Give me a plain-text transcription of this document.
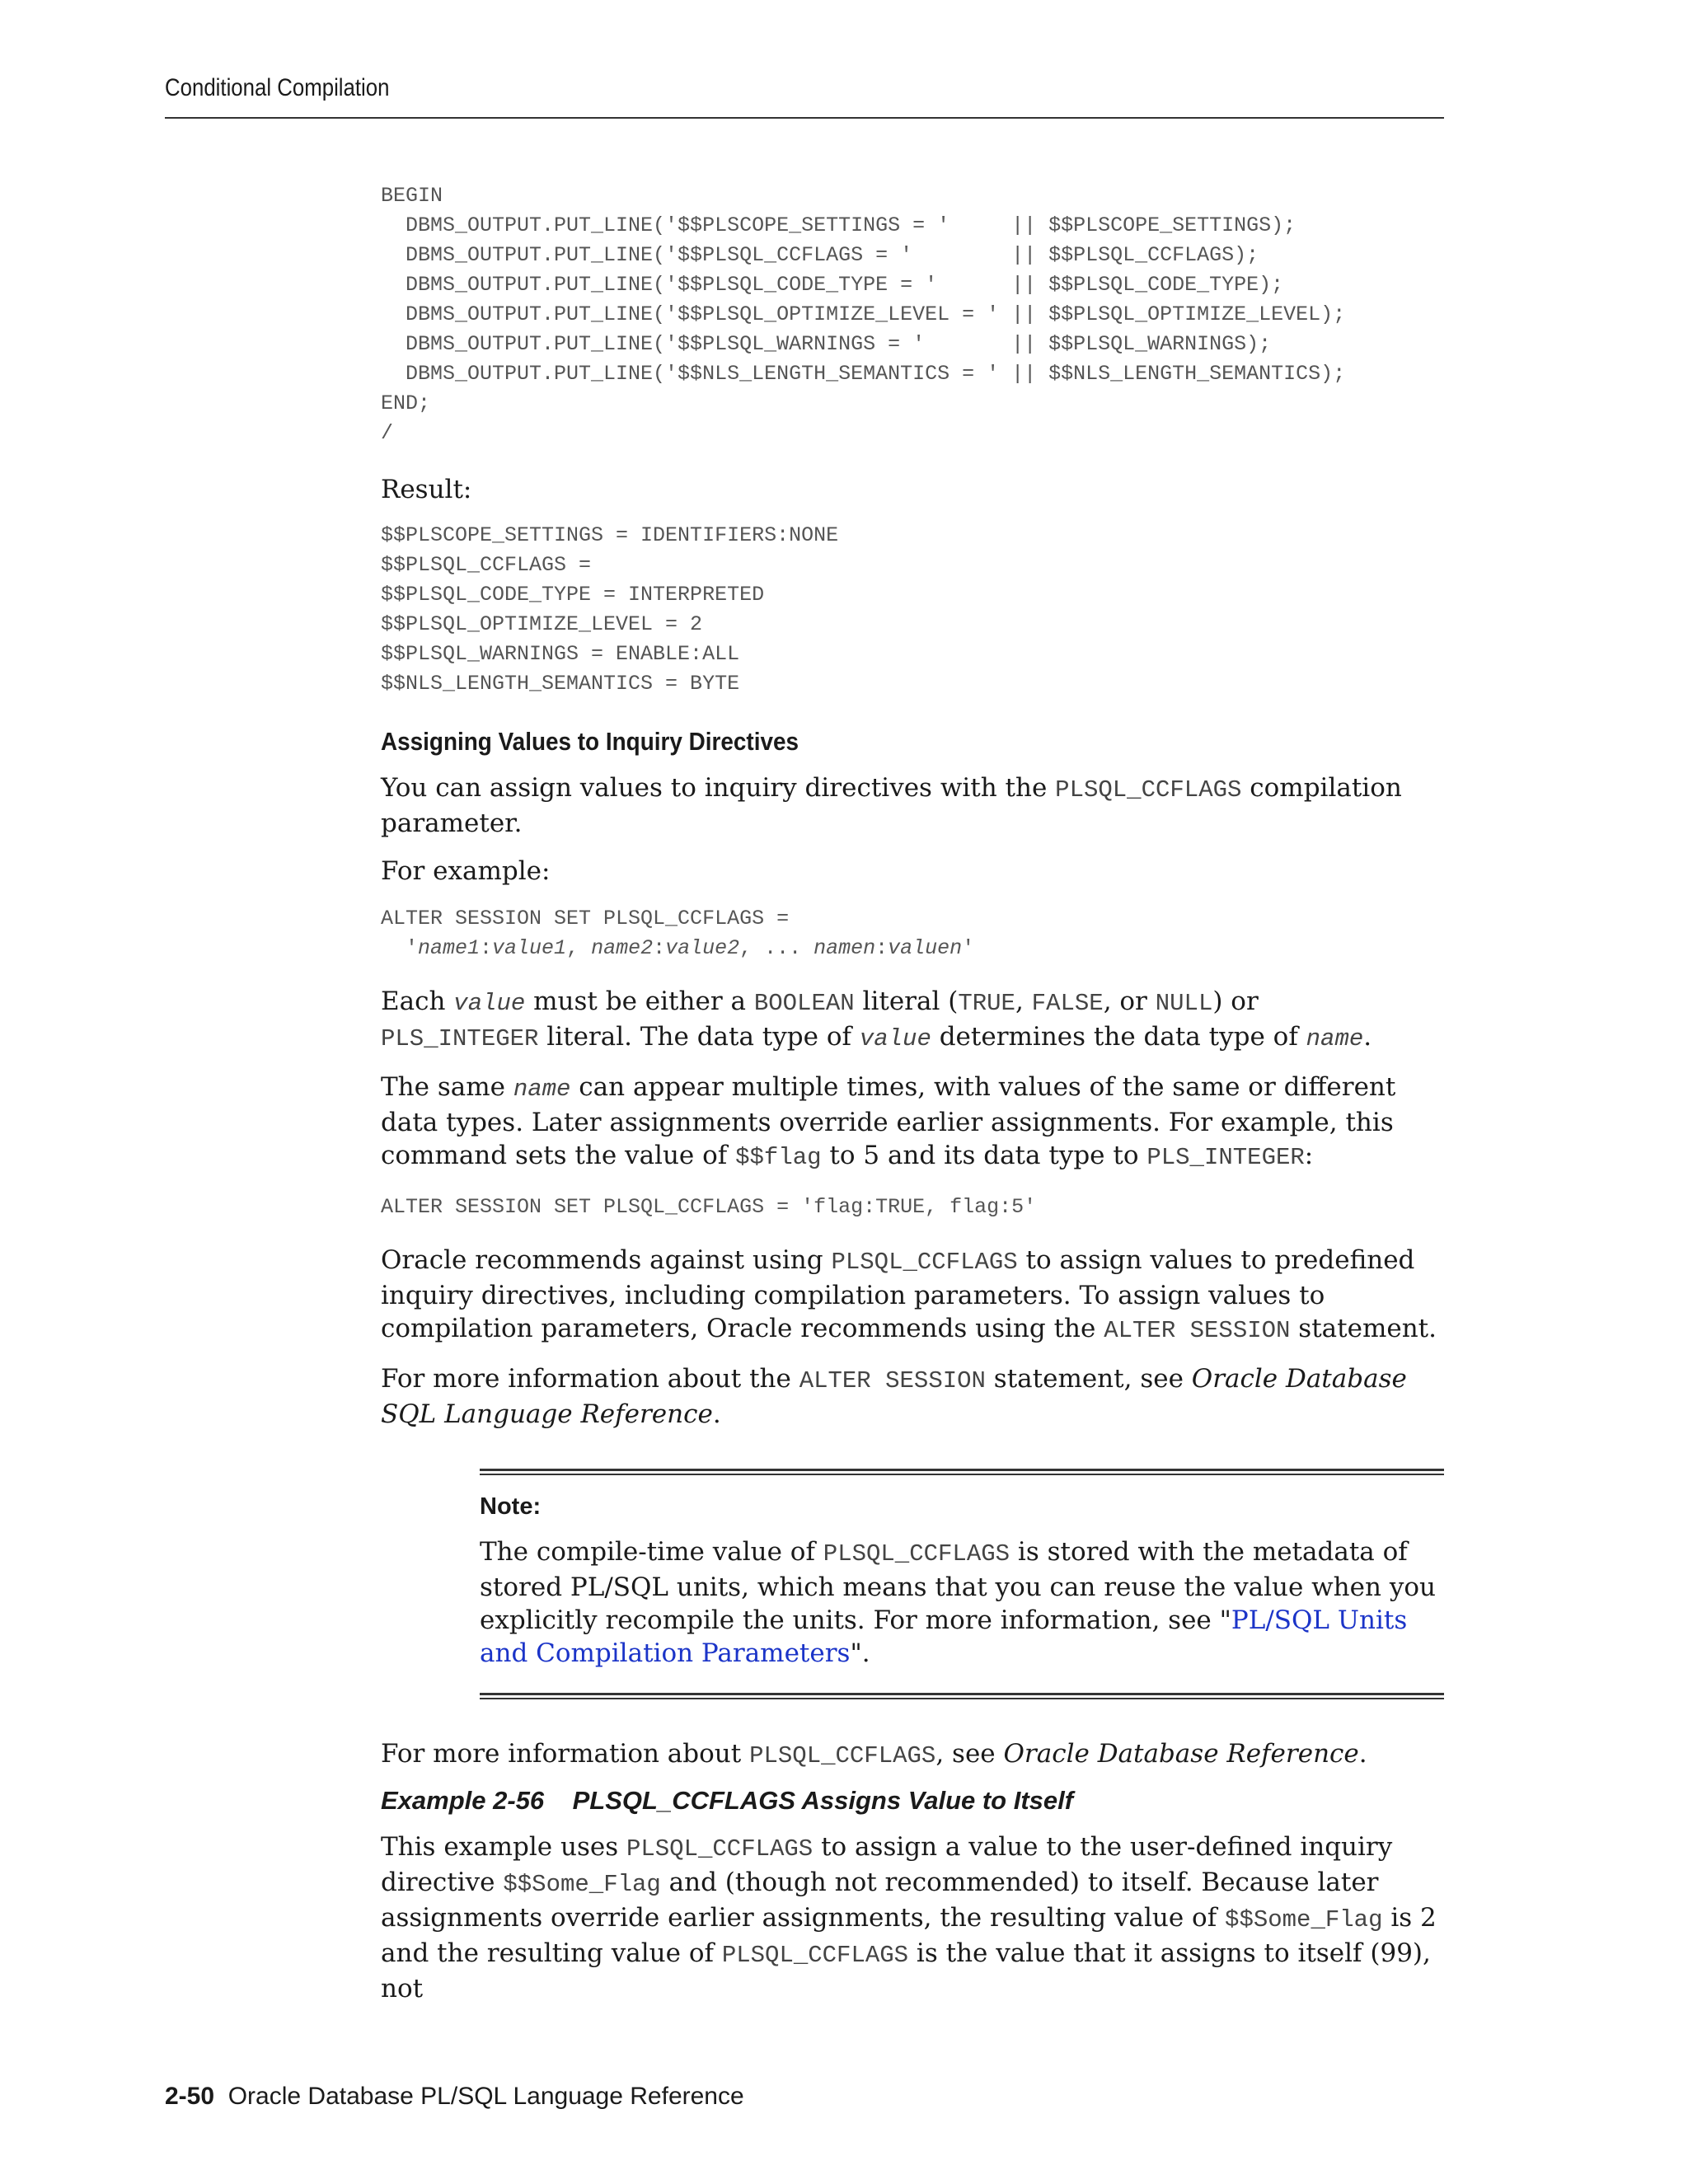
Conditional Compilation
BEGIN
DBMS_OUTPUT.PUT_LINE('$$PLSCOPE_SETTINGS = '     || $$PLSCOPE_SETTINGS);
DBMS_OUTPUT.PUT_LINE('$$PLSQL_CCFLAGS = '        || $$PLSQL_CCFLAGS);
DBMS_OUTPUT.PUT_LINE('$$PLSQL_CODE_TYPE = '      || $$PLSQL_CODE_TYPE);
DBMS_OUTPUT.PUT_LINE('$$PLSQL_OPTIMIZE_LEVEL = ' || $$PLSQL_OPTIMIZE_LEVEL);
DBMS_OUTPUT.PUT_LINE('$$PLSQL_WARNINGS = '       || $$PLSQL_WARNINGS);
DBMS_OUTPUT.PUT_LINE('$$NLS_LENGTH_SEMANTICS = ' || $$NLS_LENGTH_SEMANTICS);
END;
/

Result:

$$PLSCOPE_SETTINGS = IDENTIFIERS:NONE
$$PLSQL_CCFLAGS =
$$PLSQL_CODE_TYPE = INTERPRETED
$$PLSQL_OPTIMIZE_LEVEL = 2
$$PLSQL_WARNINGS = ENABLE:ALL
$$NLS_LENGTH_SEMANTICS = BYTE
Assigning Values to Inquiry Directives

You can assign values to inquiry directives with the PLSQL_CCFLAGS compilation parameter.

For example:

ALTER SESSION SET PLSQL_CCFLAGS =
'name1:value1, name2:value2, ... namen:valuen'

Each value must be either a BOOLEAN literal (TRUE, FALSE, or NULL) or
PLS_INTEGER literal. The data type of value determines the data type of name.

The same name can appear multiple times, with values of the same or different data types. Later assignments override earlier assignments. For example, this command sets the value of $$flag to 5 and its data type to PLS_INTEGER:

ALTER SESSION SET PLSQL_CCFLAGS = 'flag:TRUE, flag:5'

Oracle recommends against using PLSQL_CCFLAGS to assign values to predefined inquiry directives, including compilation parameters. To assign values to compilation parameters, Oracle recommends using the ALTER SESSION statement.

For more information about the ALTER SESSION statement, see Oracle Database SQL Language Reference.

Note:

The compile-time value of PLSQL_CCFLAGS is stored with the metadata of stored PL/SQL units, which means that you can reuse the value when you explicitly recompile the units. For more information, see "PL/SQL Units and Compilation Parameters".

For more information about PLSQL_CCFLAGS, see Oracle Database Reference.

Example 2-56    PLSQL_CCFLAGS Assigns Value to Itself

This example uses PLSQL_CCFLAGS to assign a value to the user-defined inquiry directive $$Some_Flag and (though not recommended) to itself. Because later assignments override earlier assignments, the resulting value of $$Some_Flag is 2 and the resulting value of PLSQL_CCFLAGS is the value that it assigns to itself (99), not

2-50 Oracle Database PL/SQL Language Reference
